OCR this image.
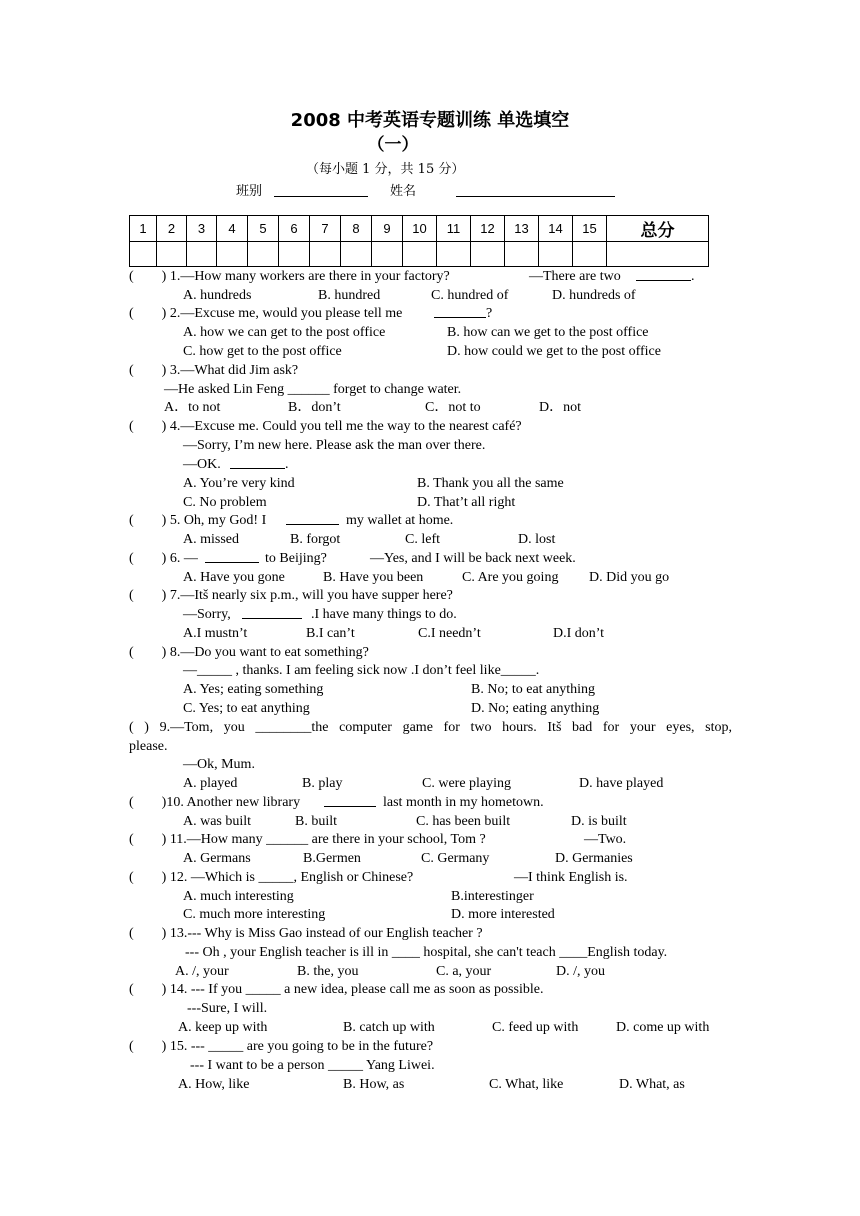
2008 中考英语专题训练 单选填空
（一）
（每小题 1 分，共 15 分）
班别	姓名
1	2	3	4	5	6	7	8	9	10	11	12	13	14	15	总分

(        ) 1.—How many workers are there in your factory?	—There are two	.
A. hundreds	B. hundred	C. hundred of	D. hundreds of
(        ) 2.—Excuse me, would you please tell me	?
A. how we can get to the post office	B. how can we get to the post office
C. how get to the post office	D. how could we get to the post office
(        ) 3.—What did Jim ask?
—He asked Lin Feng ______ forget to change water.
A．to not	B．don’t	C．not to	D．not
(        ) 4.—Excuse me. Could you tell me the way to the nearest café?
—Sorry, I’m new here. Please ask the man over there.
—OK.	.
A. You’re very kind	B. Thank you all the same
C. No problem	D. That’t all right
(        ) 5. Oh, my God! I	my wallet at home.
A. missed	B. forgot	C. left	D. lost
(        ) 6. —	to Beijing?	—Yes, and I will be back next week.
A. Have you gone	B. Have you been	C. Are you going D. Did you go
(        ) 7.—Itš nearly six p.m., will you have supper here?
—Sorry,	.I have many things to do.
A.I mustn’t	B.I can’t	C.I needn’t	D.I don’t
(        ) 8.—Do you want to eat something?
—_____ , thanks. I am feeling sick now .I don’t feel like_____.
A. Yes; eating something	B. No; to eat anything
C. Yes; to eat anything	D. No; eating anything
please.
—Ok, Mum.
A. played	B. play	C. were playing	D. have played
(        )10. Another new library	last month in my hometown.
A. was built	B. built	C. has been built	D. is built
(        ) 11.—How many ______ are there in your school, Tom ?	—Two.
A. Germans	B.Germen	C. Germany	D. Germanies
(        ) 12. —Which is _____, English or Chinese?	—I think English is.
A. much interesting	B.interestinger
C. much more interesting	D. more interested
(        ) 13.--- Why is Miss Gao instead of our English teacher ?
--- Oh , your English teacher is ill in ____ hospital, she can't teach ____English today.
A. /, your	B. the, you	C. a, your	D. /, you
(        ) 14. --- If you _____ a new idea, please call me as soon as possible.
---Sure, I will.
A. keep up with	B. catch up with	C. feed up with	D. come up with
(        ) 15. --- _____ are you going to be in the future?
--- I want to be a person _____ Yang Liwei.
A. How, like	B. How, as	C. What, like	D. What, as
( ) 9.—Tom, you ________the computer game for two hours. Itš bad for your eyes, stop,
